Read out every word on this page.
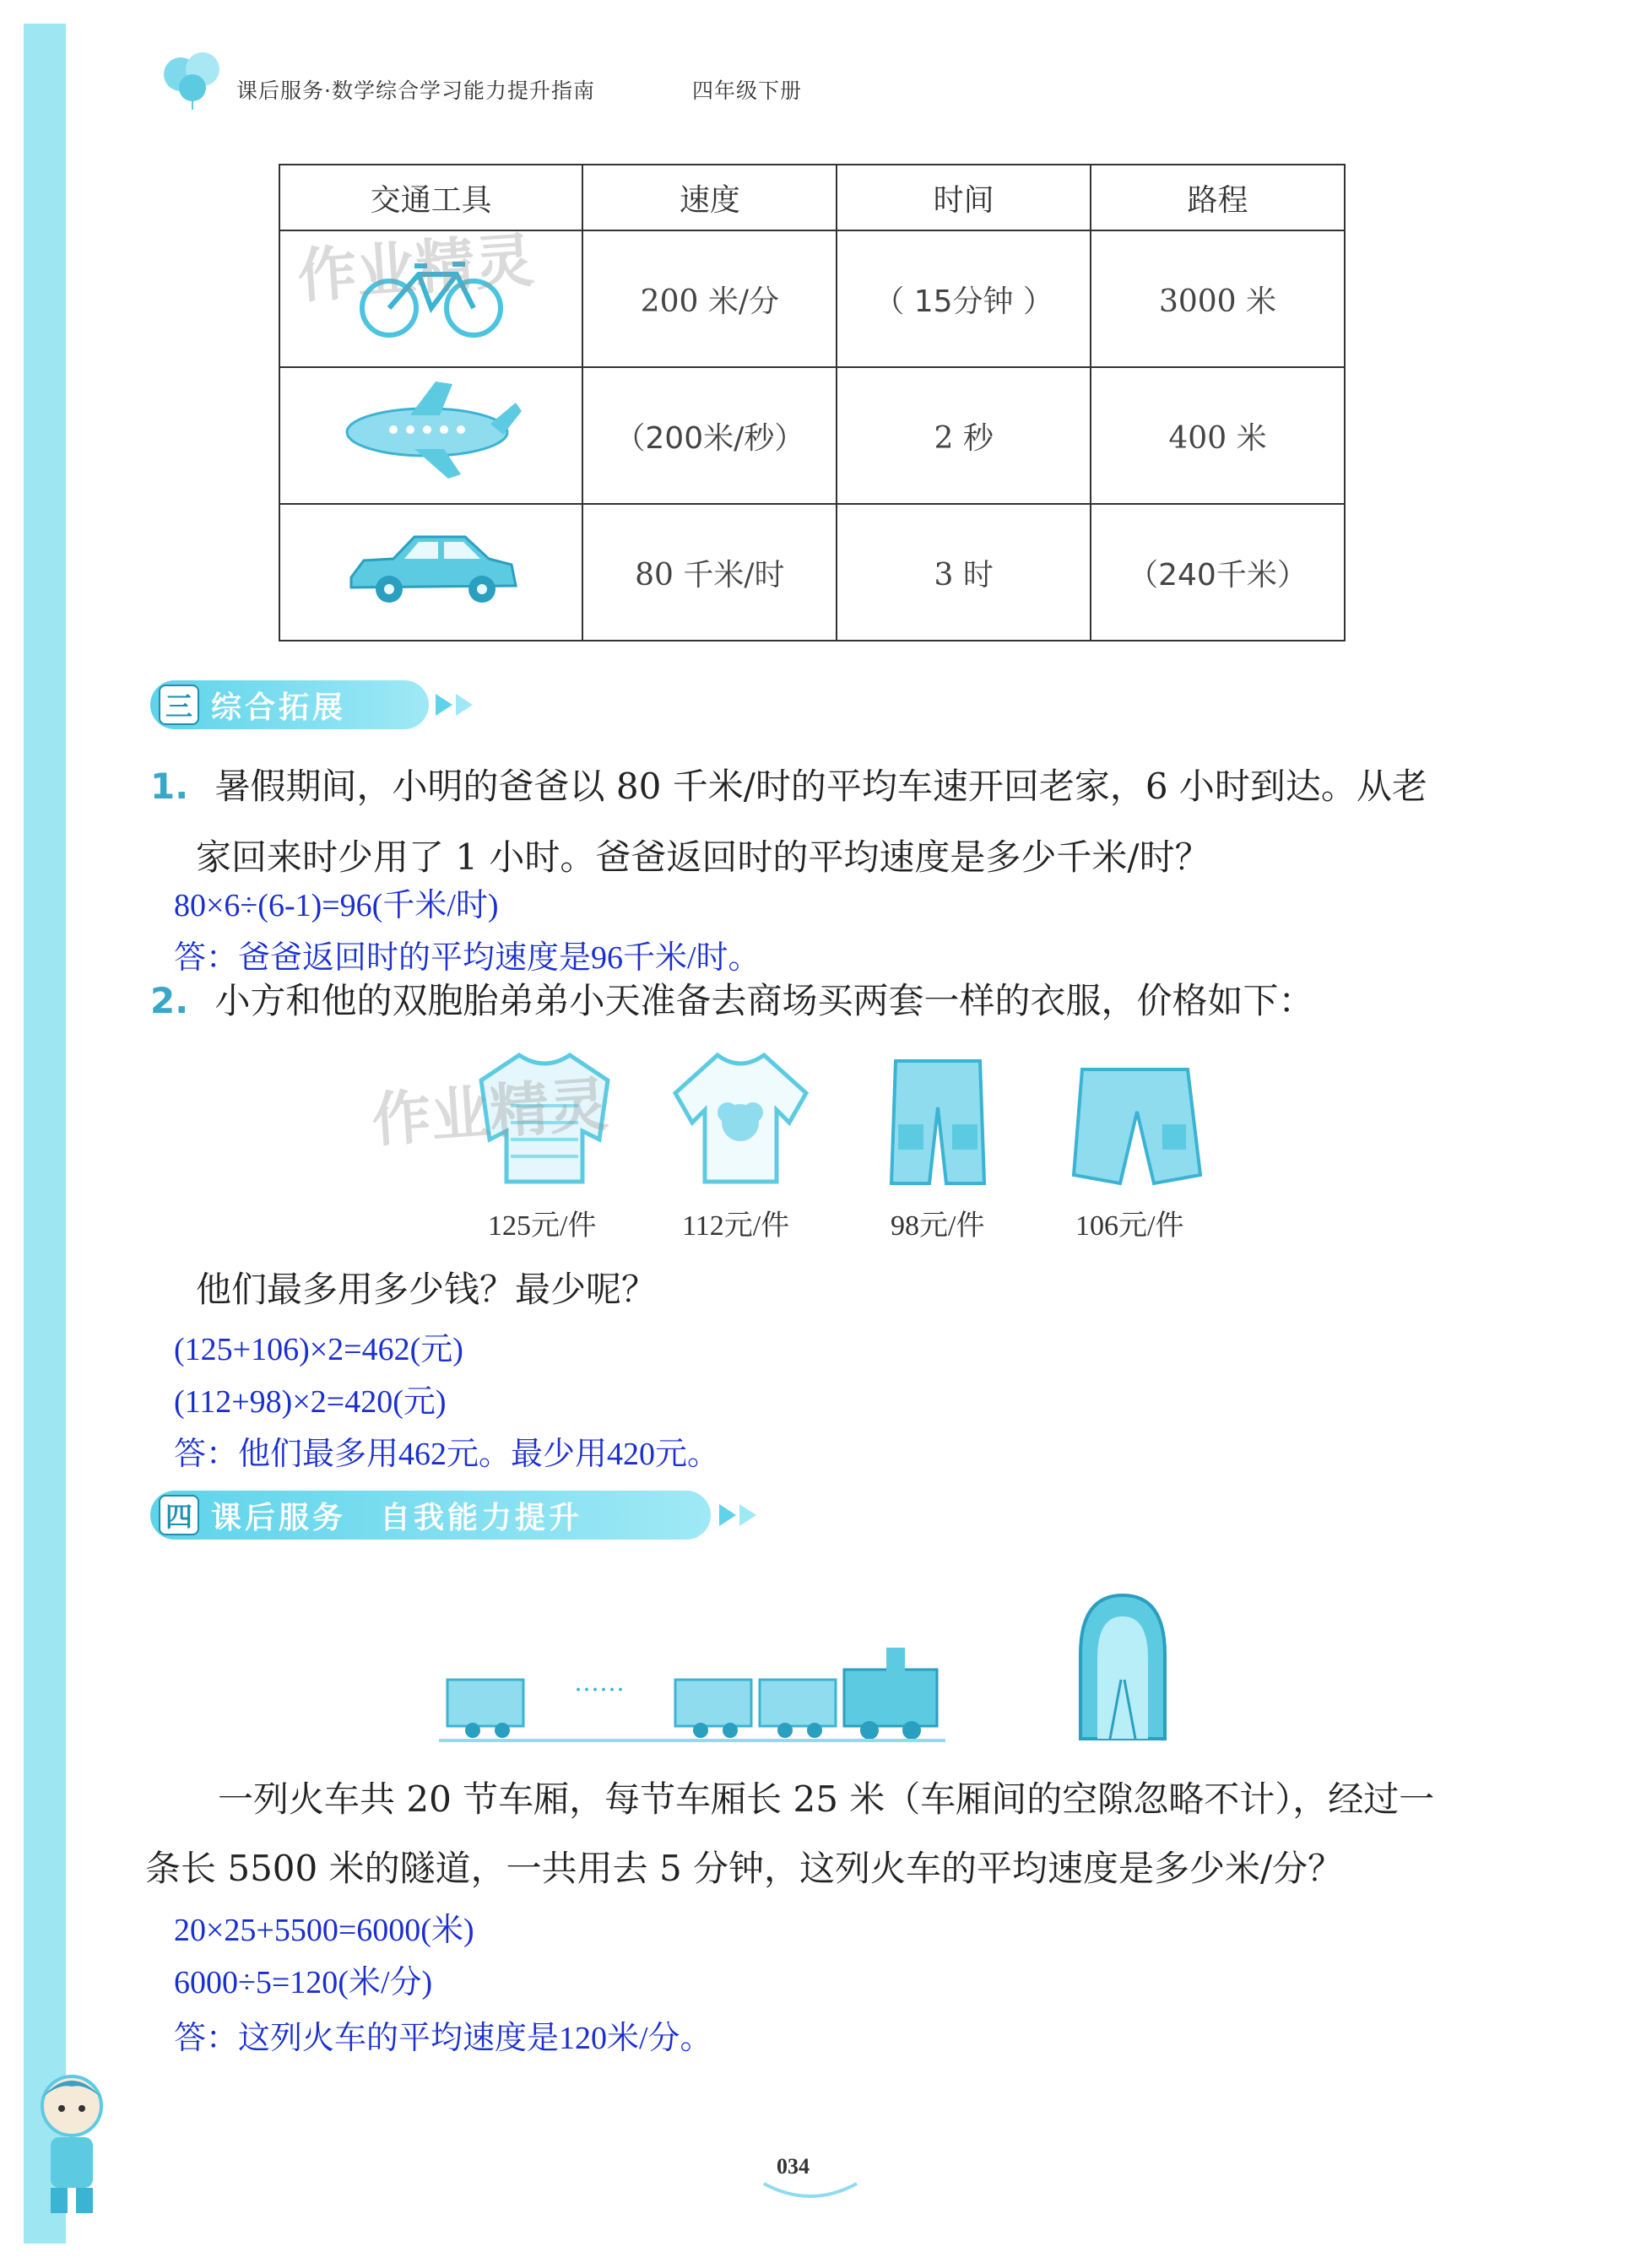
课后服务·数学综合学习能力提升指南	四年级下册
交通工具	速度	时间	路程
	200 米/分	（ 15分钟 ）	3000 米
	（200米/秒）	2 秒	400 米
	80 千米/时	3 时	（240千米）
作业精灵
三 综合拓展
1. 暑假期间，小明的爸爸以 80 千米/时的平均车速开回老家，6 小时到达。从老
家回来时少用了 1 小时。爸爸返回时的平均速度是多少千米/时？
80×6÷(6-1)=96(千米/时)
答：爸爸返回时的平均速度是96千米/时。
2. 小方和他的双胞胎弟弟小天准备去商场买两套一样的衣服，价格如下：
作业精灵
125元/件	112元/件	98元/件	106元/件
他们最多用多少钱？最少呢？
(125+106)×2=462(元)
(112+98)×2=420(元)
答：他们最多用462元。最少用420元。
四 课后服务　自我能力提升
……
一列火车共 20 节车厢，每节车厢长 25 米（车厢间的空隙忽略不计），经过一
条长 5500 米的隧道，一共用去 5 分钟，这列火车的平均速度是多少米/分？
20×25+5500=6000(米)
6000÷5=120(米/分)
答：这列火车的平均速度是120米/分。
034
